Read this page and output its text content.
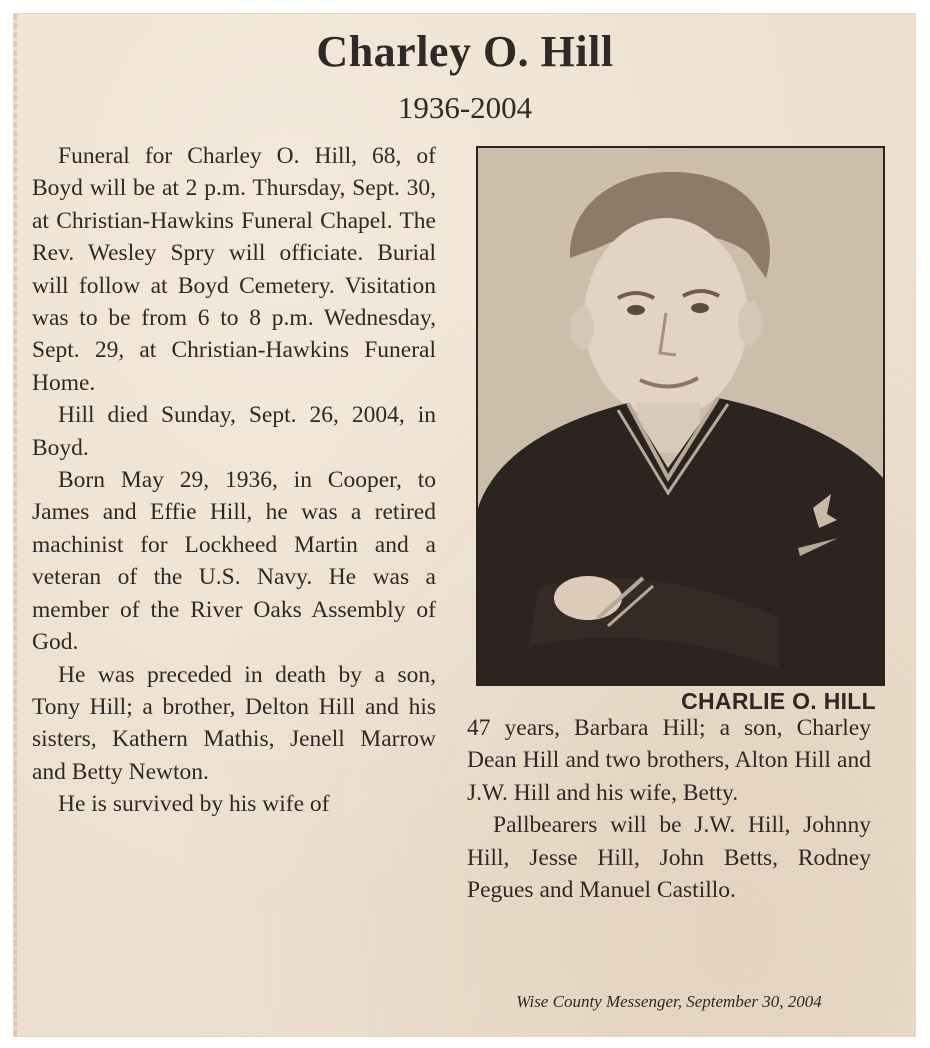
Charley O. Hill
1936-2004

Funeral for Charley O. Hill, 68, of Boyd will be at 2 p.m. Thursday, Sept. 30, at Christian-Hawkins Funeral Chapel. The Rev. Wesley Spry will officiate. Burial will follow at Boyd Cemetery. Visitation was to be from 6 to 8 p.m. Wednesday, Sept. 29, at Christian-Hawkins Funeral Home.

Hill died Sunday, Sept. 26, 2004, in Boyd.

Born May 29, 1936, in Cooper, to James and Effie Hill, he was a retired machinist for Lockheed Martin and a veteran of the U.S. Navy. He was a member of the River Oaks Assembly of God.

He was preceded in death by a son, Tony Hill; a brother, Delton Hill and his sisters, Kathern Mathis, Jenell Marrow and Betty Newton.

He is survived by his wife of

CHARLIE O. HILL

47 years, Barbara Hill; a son, Charley Dean Hill and two brothers, Alton Hill and J.W. Hill and his wife, Betty.

Pallbearers will be J.W. Hill, Johnny Hill, Jesse Hill, John Betts, Rodney Pegues and Manuel Castillo.

Wise County Messenger, September 30, 2004
